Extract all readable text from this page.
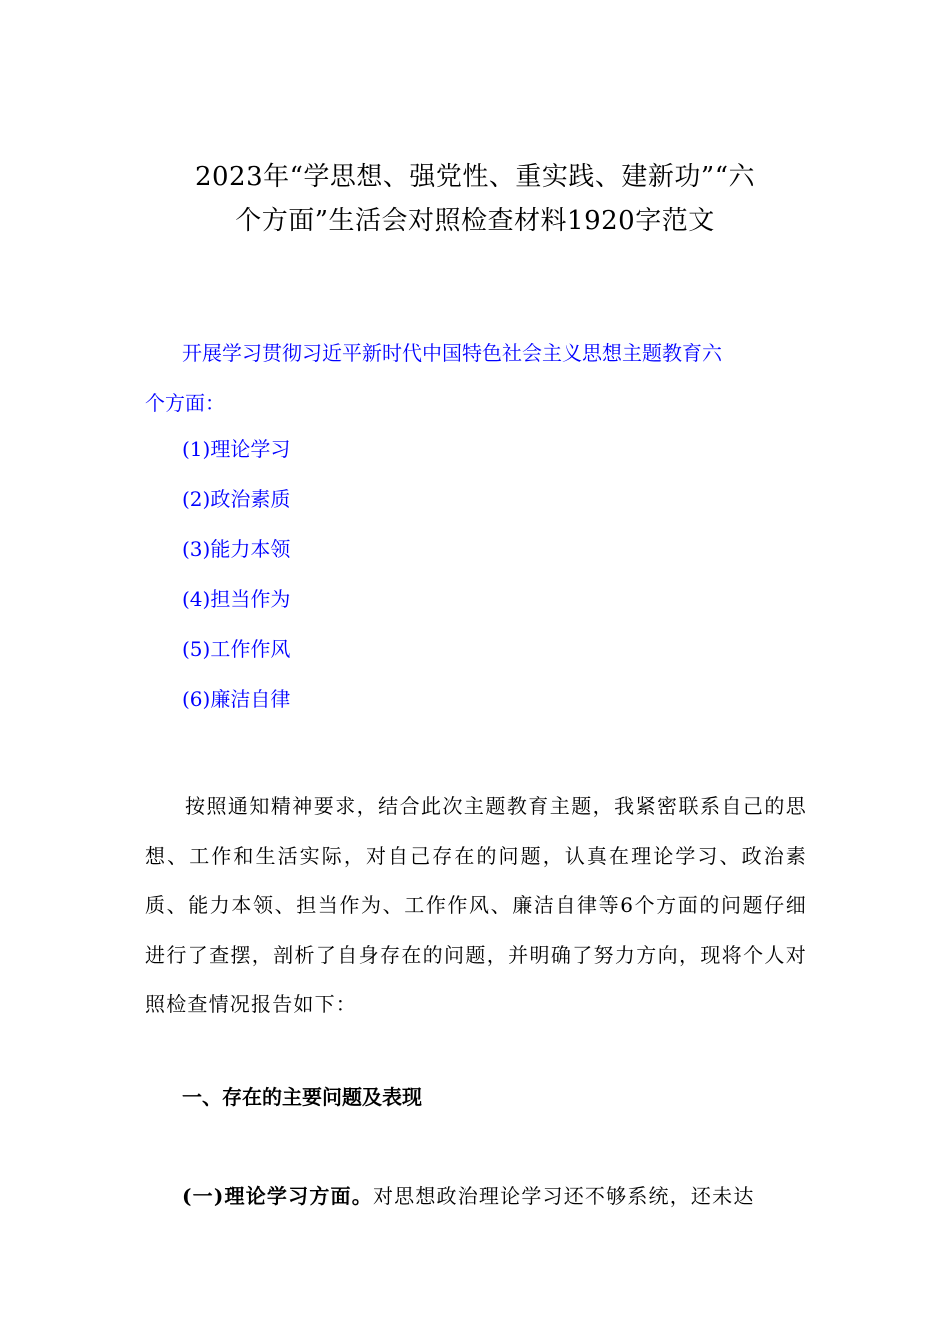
2023年“学思想、强党性、重实践、建新功”“六
个方面”生活会对照检查材料1920字范文
开展学习贯彻习近平新时代中国特色社会主义思想主题教育六
个方面：
(1)理论学习
(2)政治素质
(3)能力本领
(4)担当作为
(5)工作作风
(6)廉洁自律
按照通知精神要求，结合此次主题教育主题，我紧密联系自己的思想、工作和生活实际，对自己存在的问题，认真在理论学习、政治素质、能力本领、担当作为、工作作风、廉洁自律等6个方面的问题仔细进行了查摆，剖析了自身存在的问题，并明确了努力方向，现将个人对照检查情况报告如下：
一、存在的主要问题及表现
(一)理论学习方面。对思想政治理论学习还不够系统，还未达
